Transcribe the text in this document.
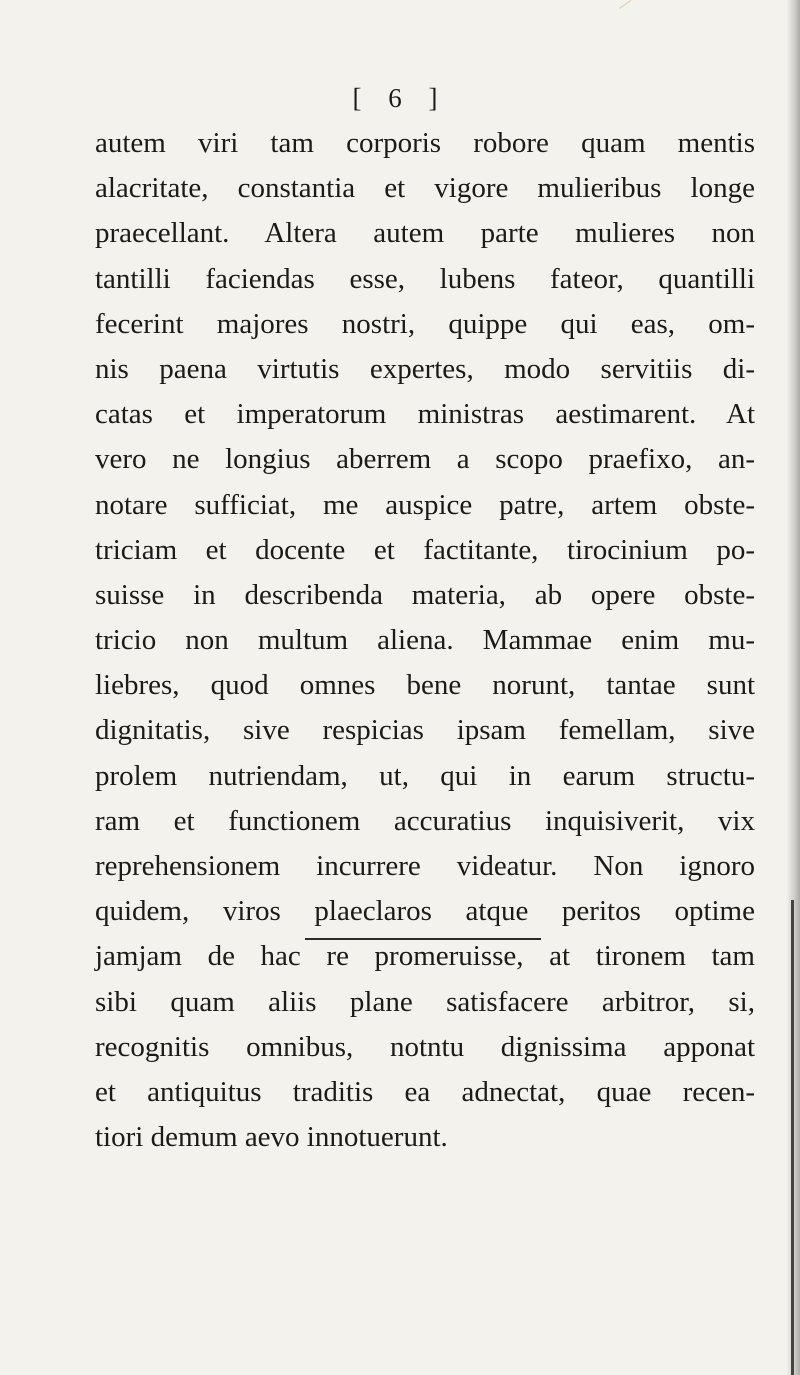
[ 6 ]
autem viri tam corporis robore quam mentis
alacritate, constantia et vigore mulieribus longe
praecellant. Altera autem parte mulieres non
tantilli faciendas esse, lubens fateor, quantilli
fecerint majores nostri, quippe qui eas, om-
nis paena virtutis expertes, modo servitiis di-
catas et imperatorum ministras aestimarent. At
vero ne longius aberrem a scopo praefixo, an-
notare sufficiat, me auspice patre, artem obste-
triciam et docente et factitante, tirocinium po-
suisse in describenda materia, ab opere obste-
tricio non multum aliena. Mammae enim mu-
liebres, quod omnes bene norunt, tantae sunt
dignitatis, sive respicias ipsam femellam, sive
prolem nutriendam, ut, qui in earum structu-
ram et functionem accuratius inquisiverit, vix
reprehensionem incurrere videatur. Non ignoro
quidem, viros plaeclaros atque peritos optime
jamjam de hac re promeruisse, at tironem tam
sibi quam aliis plane satisfacere arbitror, si,
recognitis omnibus, notntu dignissima apponat
et antiquitus traditis ea adnectat, quae recen-
tiori demum aevo innotuerunt.
